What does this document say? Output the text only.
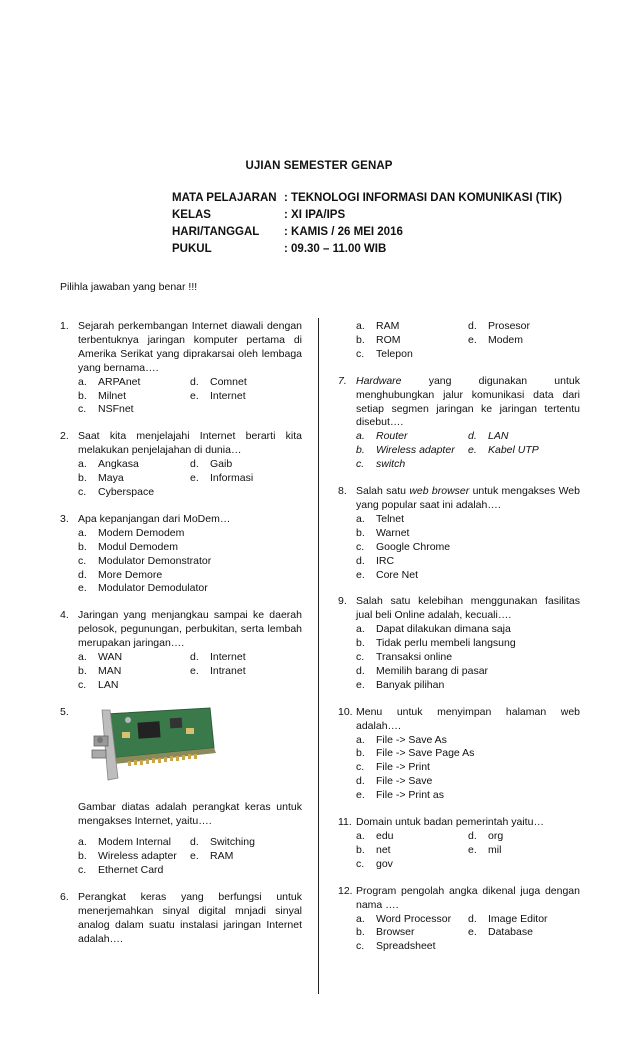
UJIAN SEMESTER GENAP
MATA PELAJARAN : TEKNOLOGI INFORMASI DAN KOMUNIKASI (TIK)
KELAS	: XI IPA/IPS
HARI/TANGGAL	: KAMIS / 26 MEI 2016
PUKUL	: 09.30 – 11.00 WIB
Pilihla jawaban yang benar !!!
1. Sejarah perkembangan Internet diawali dengan terbentuknya jaringan komputer pertama di Amerika Serikat yang diprakarsai oleh lembaga yang bernama….
a.	ARPAnet	d.	Comnet
b.	Milnet	e.	Internet
c.	NSFnet
2. Saat kita menjelajahi Internet berarti kita melakukan penjelajahan di dunia…
a.	Angkasa	d.	Gaib
b.	Maya	e.	Informasi
c.	Cyberspace
3. Apa kepanjangan dari MoDem…
a.	Modem Demodem
b.	Modul Demodem
c.	Modulator Demonstrator
d.	More Demore
e.	Modulator Demodulator
4. Jaringan yang menjangkau sampai ke daerah pelosok, pegunungan, perbukitan, serta lembah merupakan jaringan….
a.	WAN	d.	Internet
b.	MAN	e.	Intranet
c.	LAN
5.
Gambar diatas adalah perangkat keras untuk mengakses Internet, yaitu….
a.	Modem Internal d.	Switching
b.	Wireless adapter e.	RAM
c.	Ethernet Card
6. Perangkat keras yang berfungsi untuk menerjemahkan sinyal digital mnjadi sinyal analog dalam suatu instalasi jaringan Internet adalah….
a.	RAM	d.	Prosesor
b.	ROM	e.	Modem
c.	Telepon
7. Hardware yang digunakan untuk menghubungkan jalur komunikasi data dari setiap segmen jaringan ke jaringan tertentu disebut….
a.	Router	d.	LAN
b.	Wireless adapter e.	Kabel UTP
c.	switch
8. Salah satu web browser untuk mengakses Web yang popular saat ini adalah….
a.	Telnet
b.	Warnet
c.	Google Chrome
d.	IRC
e.	Core Net
9. Salah satu kelebihan menggunakan fasilitas jual beli Online adalah, kecuali….
a.	Dapat dilakukan dimana saja
b.	Tidak perlu membeli langsung
c.	Transaksi online
d.	Memilih barang di pasar
e.	Banyak pilihan
10. Menu untuk menyimpan halaman web adalah….
a.	File -> Save As
b.	File -> Save Page As
c.	File -> Print
d.	File -> Save
e.	File -> Print as
11. Domain untuk badan pemerintah yaitu…
a.	edu	d.	org
b.	net	e.	mil
c.	gov
12. Program pengolah angka dikenal juga dengan nama ….
a.	Word Processor d.	Image Editor
b.	Browser	e.	Database
c.	Spreadsheet
